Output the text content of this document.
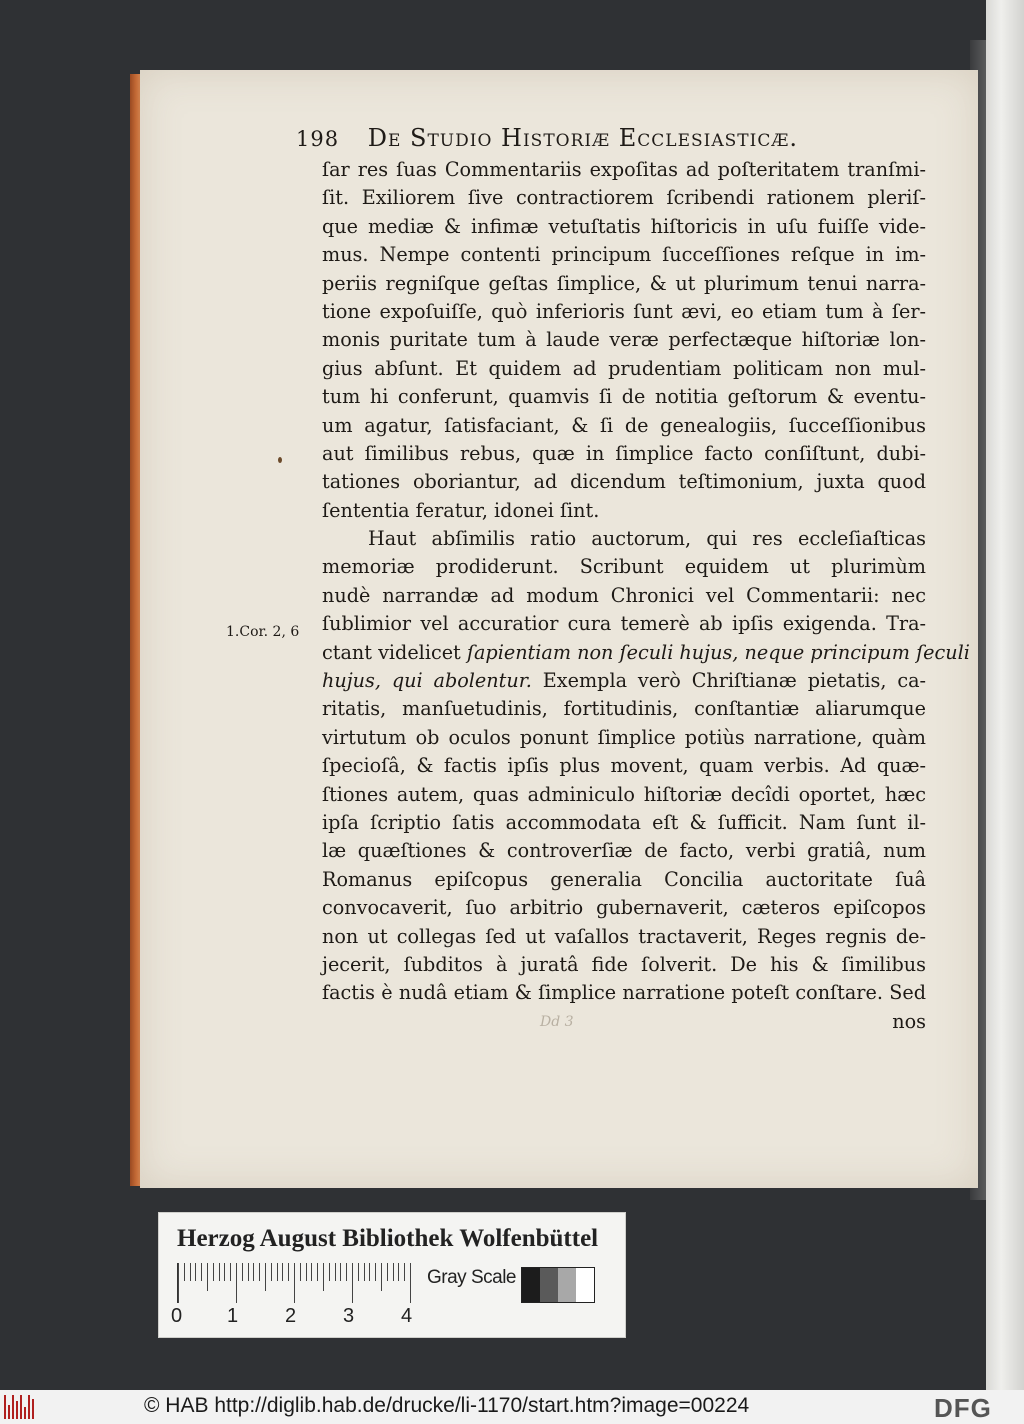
198 De Studio Historiæ Ecclesiasticæ.
1.Cor. 2, 6
ſar res ſuas Commentariis expoſitas ad poſteritatem tranſmi-
ſit. Exiliorem ſive contractiorem ſcribendi rationem pleriſ-
que mediæ & infimæ vetuſtatis hiſtoricis in uſu fuiſſe vide-
mus. Nempe contenti principum ſucceſſiones reſque in im-
periis regniſque geſtas ſimplice, & ut plurimum tenui narra-
tione expoſuiſſe, quò inferioris ſunt ævi, eo etiam tum à ſer-
monis puritate tum à laude veræ perfectæque hiſtoriæ lon-
gius abſunt. Et quidem ad prudentiam politicam non mul-
tum hi conferunt, quamvis ſi de notitia geſtorum & eventu-
um agatur, ſatisfaciant, & ſi de genealogiis, ſucceſſionibus
aut ſimilibus rebus, quæ in ſimplice facto conſiſtunt, dubi-
tationes oboriantur, ad dicendum teſtimonium, juxta quod
ſententia feratur, idonei ſint.
Haut abſimilis ratio auctorum, qui res eccleſiaſticas
memoriæ prodiderunt. Scribunt equidem ut plurimùm
nudè narrandæ ad modum Chronici vel Commentarii: nec
ſublimior vel accuratior cura temerè ab ipſis exigenda. Tra-
ctant videlicet ſapientiam non ſeculi hujus, neque principum ſeculi
hujus, qui abolentur. Exempla verò Chriſtianæ pietatis, ca-
ritatis, manſuetudinis, fortitudinis, conſtantiæ aliarumque
virtutum ob oculos ponunt ſimplice potiùs narratione, quàm
ſpecioſâ, & factis ipſis plus movent, quam verbis. Ad quæ-
ſtiones autem, quas adminiculo hiſtoriæ decîdi oportet, hæc
ipſa ſcriptio ſatis accommodata eſt & ſufficit. Nam ſunt il-
læ quæſtiones & controverſiæ de facto, verbi gratiâ, num
Romanus epiſcopus generalia Concilia auctoritate ſuâ
convocaverit, ſuo arbitrio gubernaverit, cæteros epiſcopos
non ut collegas ſed ut vaſallos tractaverit, Reges regnis de-
jecerit, ſubditos à juratâ fide ſolverit. De his & ſimilibus
factis è nudâ etiam & ſimplice narratione poteſt conſtare. Sed
nos
Dd 3
Herzog August Bibliothek Wolfenbüttel
0 1 2 3 4
Gray Scale
© HAB http://diglib.hab.de/drucke/li-1170/start.htm?image=00224	DFG
